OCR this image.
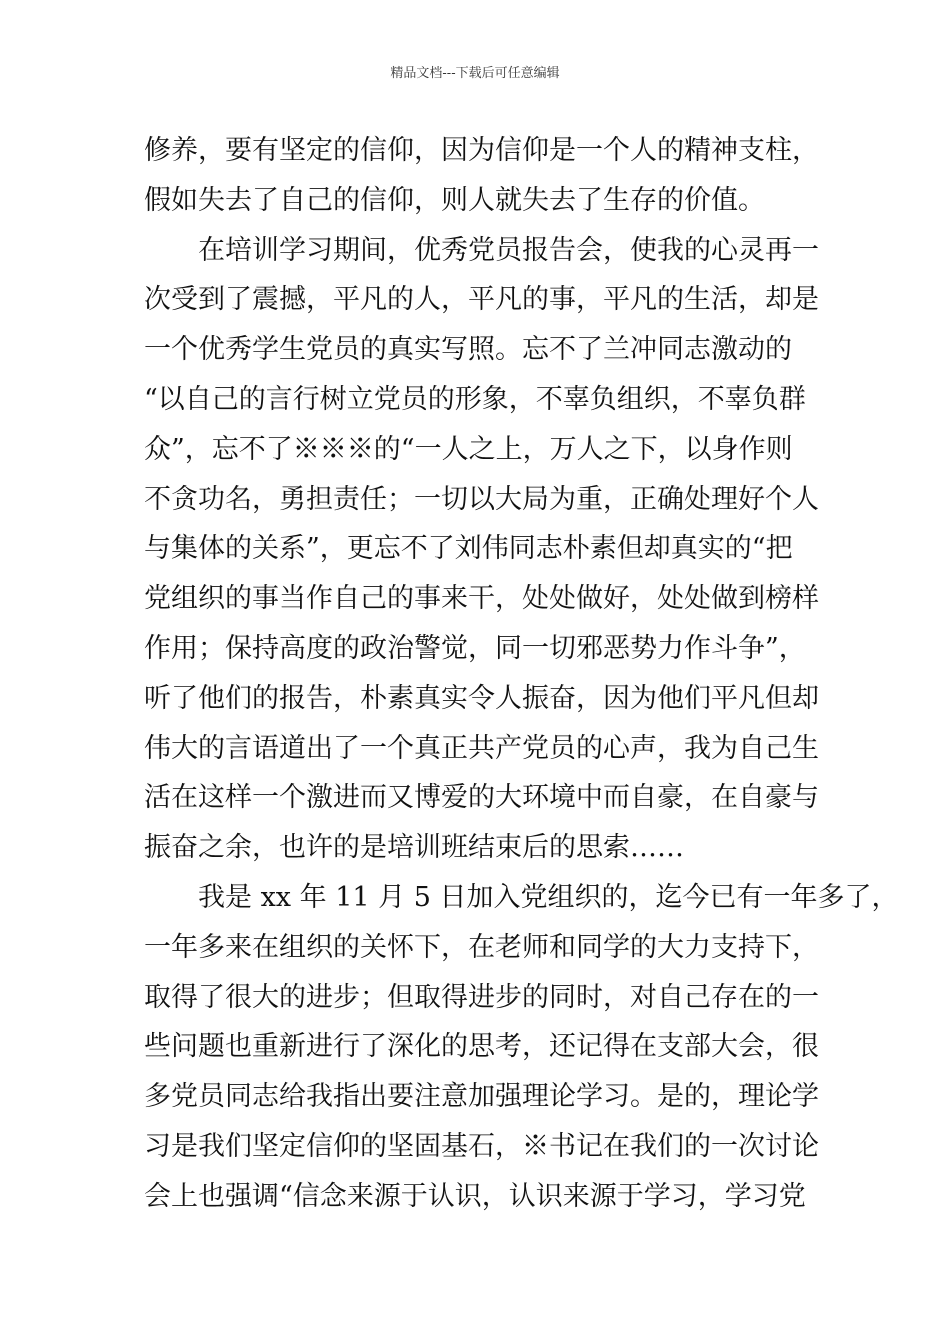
精品文档---下载后可任意编辑
修养，要有坚定的信仰，因为信仰是一个人的精神支柱，
假如失去了自己的信仰，则人就失去了生存的价值。
在培训学习期间，优秀党员报告会，使我的心灵再一
次受到了震撼，平凡的人，平凡的事，平凡的生活，却是
一个优秀学生党员的真实写照。忘不了兰冲同志激动的
“以自己的言行树立党员的形象，不辜负组织，不辜负群
众”，忘不了※※※的“一人之上，万人之下，以身作则
不贪功名，勇担责任；一切以大局为重，正确处理好个人
与集体的关系”，更忘不了刘伟同志朴素但却真实的“把
党组织的事当作自己的事来干，处处做好，处处做到榜样
作用；保持高度的政治警觉，同一切邪恶势力作斗争”，
听了他们的报告，朴素真实令人振奋，因为他们平凡但却
伟大的言语道出了一个真正共产党员的心声，我为自己生
活在这样一个激进而又博爱的大环境中而自豪，在自豪与
振奋之余，也许的是培训班结束后的思索……
我是 xx 年 11 月 5 日加入党组织的，迄今已有一年多了，
一年多来在组织的关怀下，在老师和同学的大力支持下，
取得了很大的进步；但取得进步的同时，对自己存在的一
些问题也重新进行了深化的思考，还记得在支部大会，很
多党员同志给我指出要注意加强理论学习。是的，理论学
习是我们坚定信仰的坚固基石，※书记在我们的一次讨论
会上也强调“信念来源于认识，认识来源于学习，学习党
